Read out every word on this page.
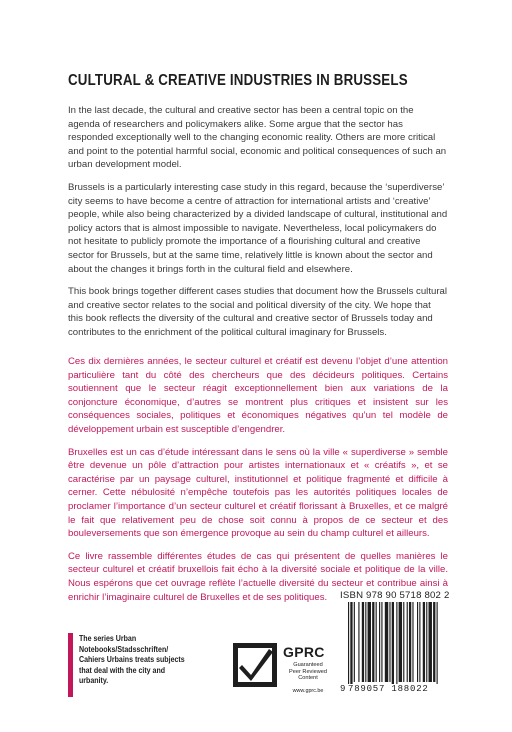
CULTURAL & CREATIVE INDUSTRIES IN BRUSSELS

In the last decade, the cultural and creative sector has been a central topic on the agenda of researchers and policymakers alike. Some argue that the sector has responded exceptionally well to the changing economic reality. Others are more critical and point to the potential harmful social, economic and political consequences of such an urban development model.

Brussels is a particularly interesting case study in this regard, because the ‘superdiverse’ city seems to have become a centre of attraction for international artists and ‘creative’ people, while also being characterized by a divided landscape of cultural, institutional and policy actors that is almost impossible to navigate. Nevertheless, local policymakers do not hesitate to publicly promote the importance of a flourishing cultural and creative sector for Brussels, but at the same time, relatively little is known about the sector and about the changes it brings forth in the cultural field and elsewhere.

This book brings together different cases studies that document how the Brussels cultural and creative sector relates to the social and political diversity of the city. We hope that this book reflects the diversity of the cultural and creative sector of Brussels today and contributes to the enrichment of the political cultural imaginary for Brussels.

Ces dix dernières années, le secteur culturel et créatif est devenu l’objet d’une attention particulière tant du côté des chercheurs que des décideurs politiques. Certains soutiennent que le secteur réagit exceptionnellement bien aux variations de la conjoncture économique, d’autres se montrent plus critiques et insistent sur les conséquences sociales, politiques et économiques négatives qu’un tel modèle de développement urbain est susceptible d’engendrer.

Bruxelles est un cas d’étude intéressant dans le sens où la ville « superdiverse » semble être devenue un pôle d’attraction pour artistes internationaux et « créatifs », et se caractérise par un paysage culturel, institutionnel et politique fragmenté et difficile à cerner. Cette nébulosité n’empêche toutefois pas les autorités politiques locales de proclamer l’importance d’un secteur culturel et créatif florissant à Bruxelles, et ce malgré le fait que relativement peu de chose soit connu à propos de ce secteur et des bouleversements que son émergence provoque au sein du champ culturel et ailleurs.

Ce livre rassemble différentes études de cas qui présentent de quelles manières le secteur culturel et créatif bruxellois fait écho à la diversité sociale et politique de la ville. Nous espérons que cet ouvrage reflète l’actuelle diversité du secteur et contribue ainsi à enrichir l’imaginaire culturel de Bruxelles et de ses politiques.	ISBN 978 90 5718 802 2
The series Urban Notebooks/Stadsschriften/ Cahiers Urbains treats subjects that deal with the city and urbanity.
GPRC
Guaranteed
Peer Reviewed
Content
www.gprc.be	9 789057 188022
